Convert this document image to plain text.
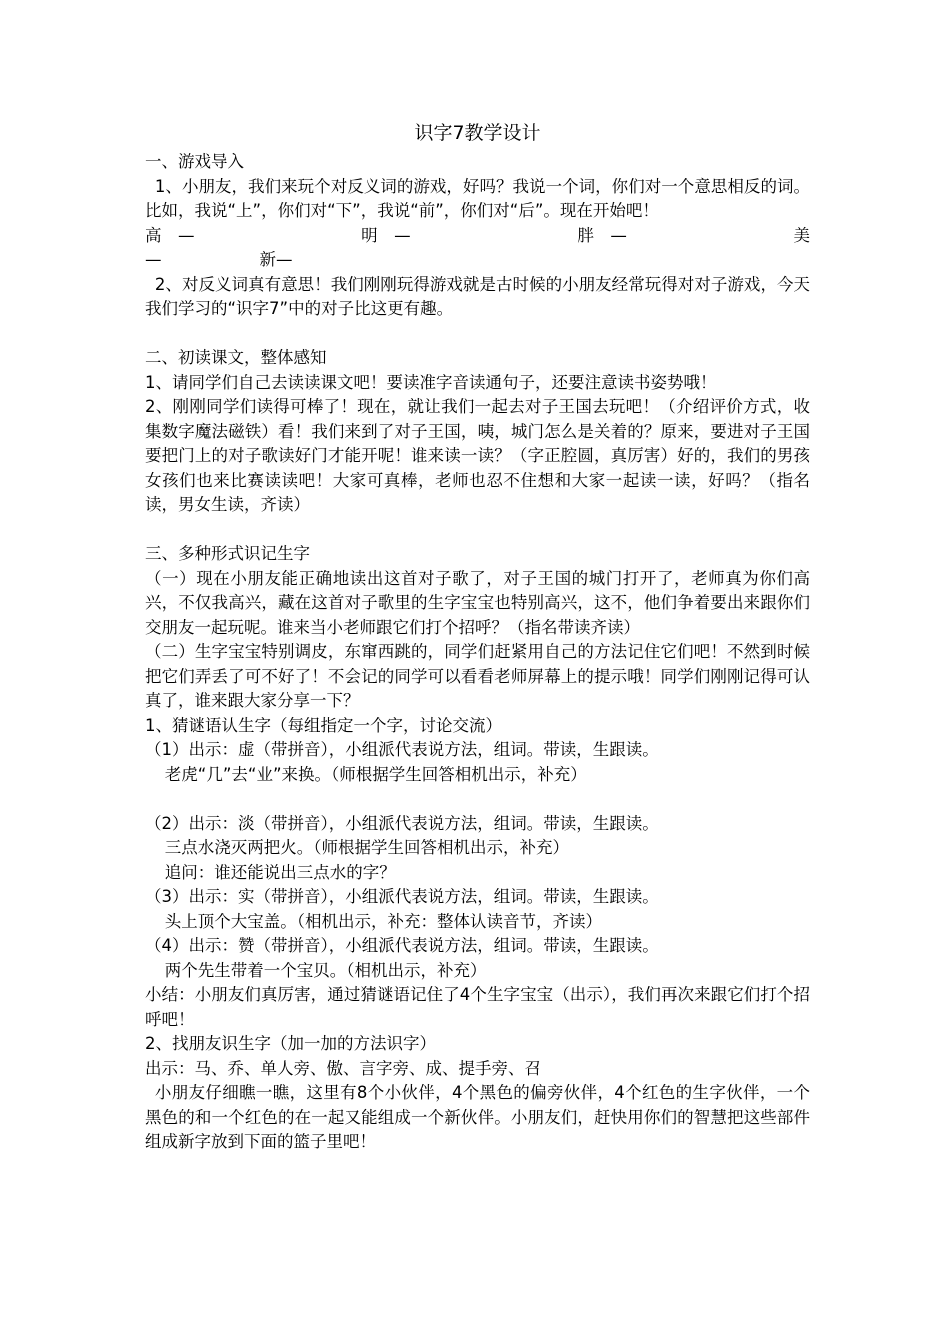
识字7教学设计

一、游戏导入

1、小朋友，我们来玩个对反义词的游戏，好吗？我说一个词，你们对一个意思相反的词。比如，我说“上”，你们对“下”，我说“前”，你们对“后”。现在开始吧！

高　—	明　—	胖　—	美
—	新—

2、对反义词真有意思！我们刚刚玩得游戏就是古时候的小朋友经常玩得对对子游戏，今天我们学习的“识字7”中的对子比这更有趣。

二、初读课文，整体感知

1、请同学们自己去读读课文吧！要读准字音读通句子，还要注意读书姿势哦！

2、刚刚同学们读得可棒了！现在，就让我们一起去对子王国去玩吧！（介绍评价方式，收集数字魔法磁铁）看！我们来到了对子王国，咦，城门怎么是关着的？原来，要进对子王国要把门上的对子歌读好门才能开呢！谁来读一读？（字正腔圆，真厉害）好的，我们的男孩女孩们也来比赛读读吧！大家可真棒，老师也忍不住想和大家一起读一读，好吗？（指名读，男女生读，齐读）

三、多种形式识记生字

（一）现在小朋友能正确地读出这首对子歌了，对子王国的城门打开了，老师真为你们高兴，不仅我高兴，藏在这首对子歌里的生字宝宝也特别高兴，这不，他们争着要出来跟你们交朋友一起玩呢。谁来当小老师跟它们打个招呼？（指名带读齐读）

（二）生字宝宝特别调皮，东窜西跳的，同学们赶紧用自己的方法记住它们吧！不然到时候把它们弄丢了可不好了！不会记的同学可以看看老师屏幕上的提示哦！同学们刚刚记得可认真了，谁来跟大家分享一下？

1、猜谜语认生字（每组指定一个字，讨论交流）

（1）出示：虚（带拼音），小组派代表说方法，组词。带读，生跟读。

老虎“几”去“业”来换。（师根据学生回答相机出示，补充）

（2）出示：淡（带拼音），小组派代表说方法，组词。带读，生跟读。

三点水浇灭两把火。（师根据学生回答相机出示，补充）

追问：谁还能说出三点水的字？

（3）出示：实（带拼音），小组派代表说方法，组词。带读，生跟读。

头上顶个大宝盖。（相机出示，补充：整体认读音节，齐读）

（4）出示：赞（带拼音），小组派代表说方法，组词。带读，生跟读。

两个先生带着一个宝贝。（相机出示，补充）

小结：小朋友们真厉害，通过猜谜语记住了4个生字宝宝（出示），我们再次来跟它们打个招呼吧！

2、找朋友识生字（加一加的方法识字）

出示：马、乔、单人旁、傲、言字旁、成、提手旁、召

小朋友仔细瞧一瞧，这里有8个小伙伴，4个黑色的偏旁伙伴，4个红色的生字伙伴，一个黑色的和一个红色的在一起又能组成一个新伙伴。小朋友们，赶快用你们的智慧把这些部件组成新字放到下面的篮子里吧！
